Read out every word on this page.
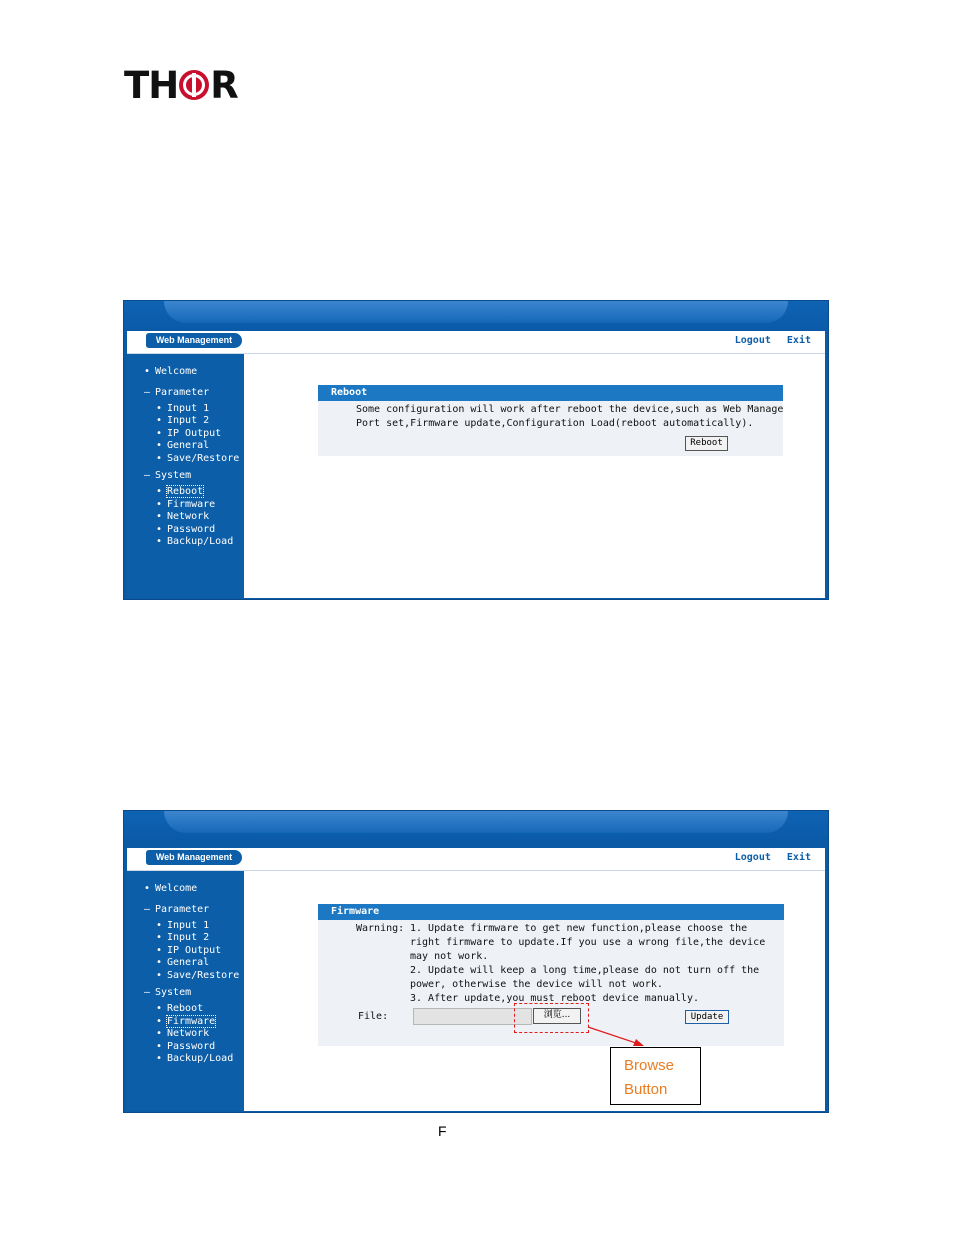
TH R
Web Management	Logout Exit
• Welcome
– Parameter
• Input 1
• Input 2
• IP Output
• General
• Save/Restore
– System
• Reboot
• Firmware
• Network
• Password
• Backup/Load
Reboot
Some configuration will work after reboot the device,such as Web Manage
Port set,Firmware update,Configuration Load(reboot automatically).
Reboot
Web Management	Logout Exit
• Welcome
– Parameter
• Input 1
• Input 2
• IP Output
• General
• Save/Restore
– System
• Reboot
• Firmware
• Network
• Password
• Backup/Load
Firmware
Warning: 1. Update firmware to get new function,please choose the
right firmware to update.If you use a wrong file,the device
may not work.
2. Update will keep a long time,please do not turn off the
power, otherwise the device will not work.
3. After update,you must reboot device manually.
File:	浏览...	Update
Browse
Button
F
